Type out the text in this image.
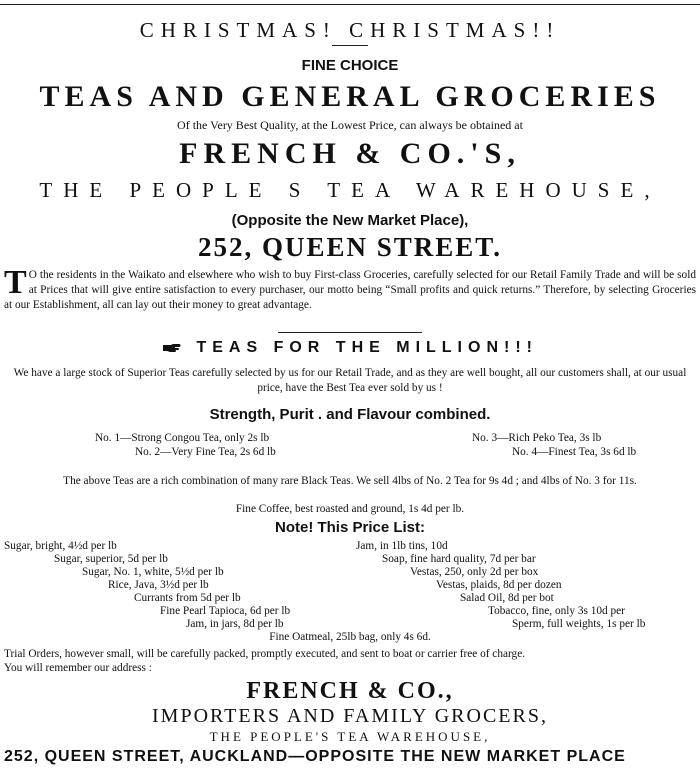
CHRISTMAS! CHRISTMAS!!
FINE CHOICE
TEAS AND GENERAL GROCERIES
Of the Very Best Quality, at the Lowest Price, can always be obtained at
FRENCH & CO.'S,
THE PEOPLE S TEA WAREHOUSE,
(Opposite the New Market Place),
252, QUEEN STREET.
T O the residents in the Waikato and elsewhere who wish to buy First-class Groceries, carefully selected for our Retail Family Trade and will be sold at Prices that will give entire satisfaction to every purchaser, our motto being “Small profits and quick returns.” Therefore, by selecting Groceries at our Establishment, all can lay out their money to great advantage.
TEAS FOR THE MILLION!!!
We have a large stock of Superior Teas carefully selected by us for our Retail Trade, and as they are well bought, all our customers shall, at our usual price, have the Best Tea ever sold by us !
Strength, Purit . and Flavour combined.
No. 1—Strong Congou Tea, only 2s lb
No. 2—Very Fine Tea, 2s 6d lb
No. 3—Rich Peko Tea, 3s lb
No. 4—Finest Tea, 3s 6d lb
The above Teas are a rich combination of many rare Black Teas. We sell 4lbs of No. 2 Tea for 9s 4d ; and 4lbs of No. 3 for 11s.
Fine Coffee, best roasted and ground, 1s 4d per lb.
Note! This Price List:
Sugar, bright, 4½d per lb
Sugar, superior, 5d per lb
Sugar, No. 1, white, 5½d per lb
Rice, Java, 3½d per lb
Currants from 5d per lb
Fine Pearl Tapioca, 6d per lb
Jam, in jars, 8d per lb
Jam, in 1lb tins, 10d
Soap, fine hard quality, 7d per bar
Vestas, 250, only 2d per box
Vestas, plaids, 8d per dozen
Salad Oil, 8d per bot
Tobacco, fine, only 3s 10d per
Sperm, full weights, 1s per lb
Fine Oatmeal, 25lb bag, only 4s 6d.
Trial Orders, however small, will be carefully packed, promptly executed, and sent to boat or carrier free of charge.
You will remember our address :
FRENCH & CO.,
IMPORTERS AND FAMILY GROCERS,
THE PEOPLE'S TEA WAREHOUSE,
252, QUEEN STREET, AUCKLAND—OPPOSITE THE NEW MARKET PLACE
